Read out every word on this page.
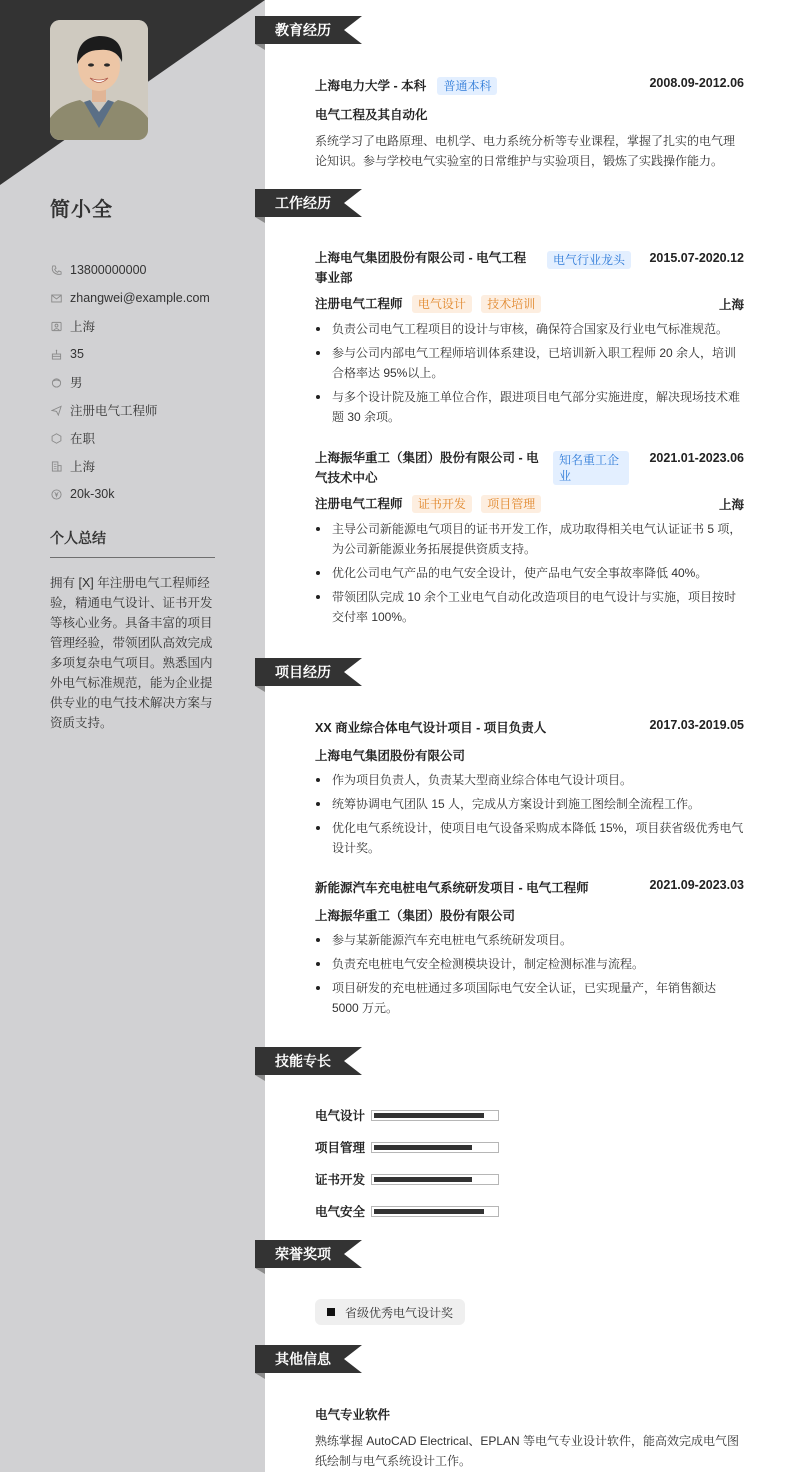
简小全
13800000000
zhangwei@example.com
上海
35
男
注册电气工程师
在职
上海
20k-30k
个人总结
拥有 [X] 年注册电气工程师经验，精通电气设计、证书开发等核心业务。具备丰富的项目管理经验，带领团队高效完成多项复杂电气项目。熟悉国内外电气标准规范，能为企业提供专业的电气技术解决方案与资质支持。
教育经历
上海电力大学 - 本科 普通本科	2008.09-2012.06
电气工程及其自动化
系统学习了电路原理、电机学、电力系统分析等专业课程，掌握了扎实的电气理论知识。参与学校电气实验室的日常维护与实验项目，锻炼了实践操作能力。
工作经历
上海电气集团股份有限公司 - 电气工程事业部
电气行业龙头	2015.07-2020.12
注册电气工程师 电气设计 技术培训	上海
负责公司电气工程项目的设计与审核，确保符合国家及行业电气标准规范。
参与公司内部电气工程师培训体系建设，已培训新入职工程师 20 余人，培训合格率达 95%以上。
与多个设计院及施工单位合作，跟进项目电气部分实施进度，解决现场技术难题 30 余项。
上海振华重工（集团）股份有限公司 - 电气技术中心
知名重工企业
2021.01-2023.06
注册电气工程师 证书开发 项目管理	上海
主导公司新能源电气项目的证书开发工作，成功取得相关电气认证证书 5 项，为公司新能源业务拓展提供资质支持。
优化公司电气产品的电气安全设计，使产品电气安全事故率降低 40%。
带领团队完成 10 余个工业电气自动化改造项目的电气设计与实施，项目按时交付率 100%。
项目经历
XX 商业综合体电气设计项目 - 项目负责人	2017.03-2019.05
上海电气集团股份有限公司
作为项目负责人，负责某大型商业综合体电气设计项目。
统筹协调电气团队 15 人，完成从方案设计到施工图绘制全流程工作。
优化电气系统设计，使项目电气设备采购成本降低 15%，项目获省级优秀电气设计奖。
新能源汽车充电桩电气系统研发项目 - 电气工程师	2021.09-2023.03
上海振华重工（集团）股份有限公司
参与某新能源汽车充电桩电气系统研发项目。
负责充电桩电气安全检测模块设计，制定检测标准与流程。
项目研发的充电桩通过多项国际电气安全认证，已实现量产，年销售额达 5000 万元。
技能专长
电气设计
项目管理
证书开发
电气安全
荣誉奖项
省级优秀电气设计奖
其他信息
电气专业软件
熟练掌握 AutoCAD Electrical、EPLAN 等电气专业设计软件，能高效完成电气图纸绘制与电气系统设计工作。
